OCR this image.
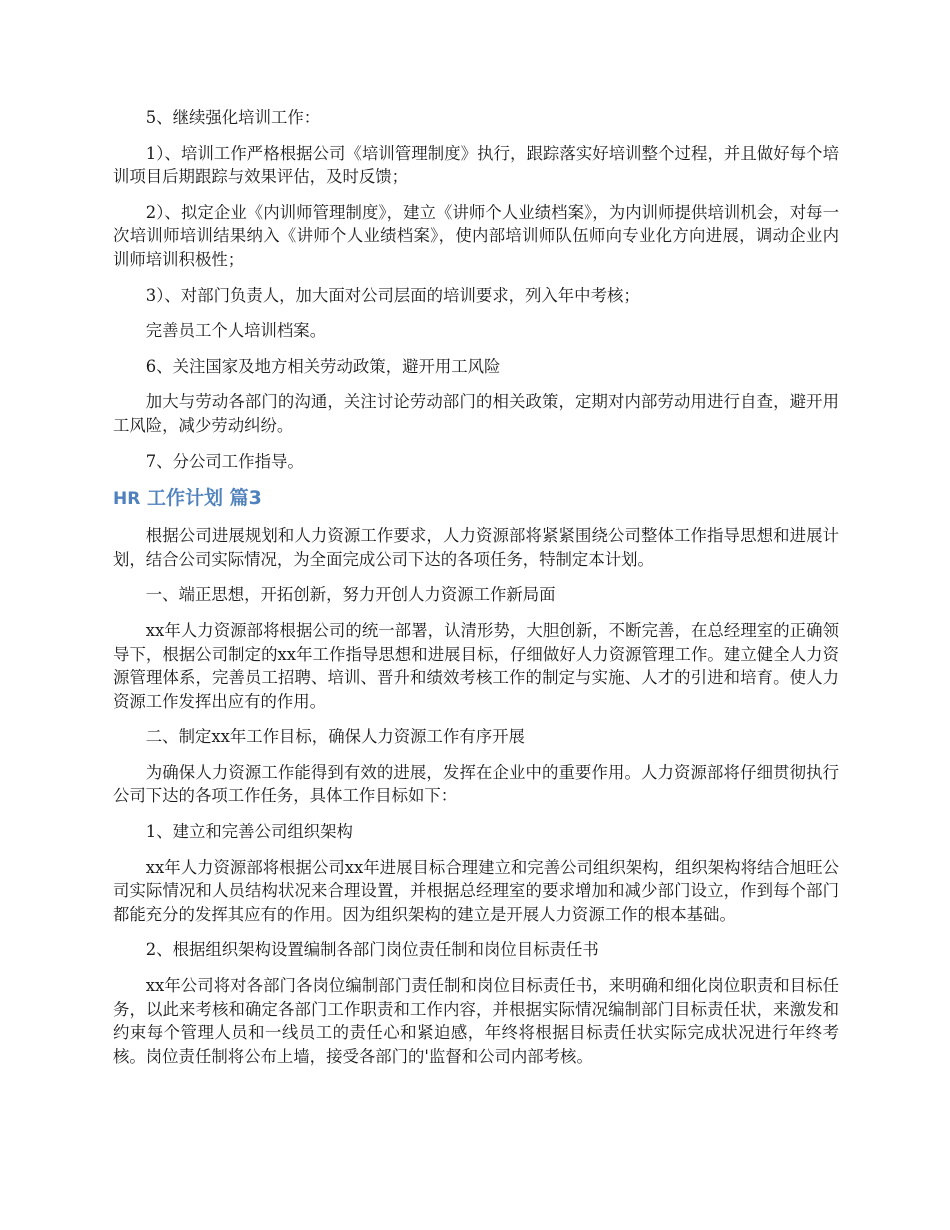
5、继续强化培训工作：

1）、培训工作严格根据公司《培训管理制度》执行，跟踪落实好培训整个过程，并且做好每个培训项目后期跟踪与效果评估，及时反馈；

2）、拟定企业《内训师管理制度》，建立《讲师个人业绩档案》，为内训师提供培训机会，对每一次培训师培训结果纳入《讲师个人业绩档案》，使内部培训师队伍师向专业化方向进展，调动企业内训师培训积极性；

3）、对部门负责人，加大面对公司层面的培训要求，列入年中考核；

完善员工个人培训档案。

6、关注国家及地方相关劳动政策，避开用工风险

加大与劳动各部门的沟通，关注讨论劳动部门的相关政策，定期对内部劳动用进行自查，避开用工风险，减少劳动纠纷。

7、分公司工作指导。

HR 工作计划 篇3

根据公司进展规划和人力资源工作要求，人力资源部将紧紧围绕公司整体工作指导思想和进展计划，结合公司实际情况，为全面完成公司下达的各项任务，特制定本计划。

一、端正思想，开拓创新，努力开创人力资源工作新局面

xx年人力资源部将根据公司的统一部署，认清形势，大胆创新，不断完善，在总经理室的正确领导下，根据公司制定的xx年工作指导思想和进展目标，仔细做好人力资源管理工作。建立健全人力资源管理体系，完善员工招聘、培训、晋升和绩效考核工作的制定与实施、人才的引进和培育。使人力资源工作发挥出应有的作用。

二、制定xx年工作目标，确保人力资源工作有序开展

为确保人力资源工作能得到有效的进展，发挥在企业中的重要作用。人力资源部将仔细贯彻执行公司下达的各项工作任务，具体工作目标如下：

1、建立和完善公司组织架构

xx年人力资源部将根据公司xx年进展目标合理建立和完善公司组织架构，组织架构将结合旭旺公司实际情况和人员结构状况来合理设置，并根据总经理室的要求增加和减少部门设立，作到每个部门都能充分的发挥其应有的作用。因为组织架构的建立是开展人力资源工作的根本基础。

2、根据组织架构设置编制各部门岗位责任制和岗位目标责任书

xx年公司将对各部门各岗位编制部门责任制和岗位目标责任书，来明确和细化岗位职责和目标任务，以此来考核和确定各部门工作职责和工作内容，并根据实际情况编制部门目标责任状，来激发和约束每个管理人员和一线员工的责任心和紧迫感，年终将根据目标责任状实际完成状况进行年终考核。岗位责任制将公布上墙，接受各部门的'监督和公司内部考核。
